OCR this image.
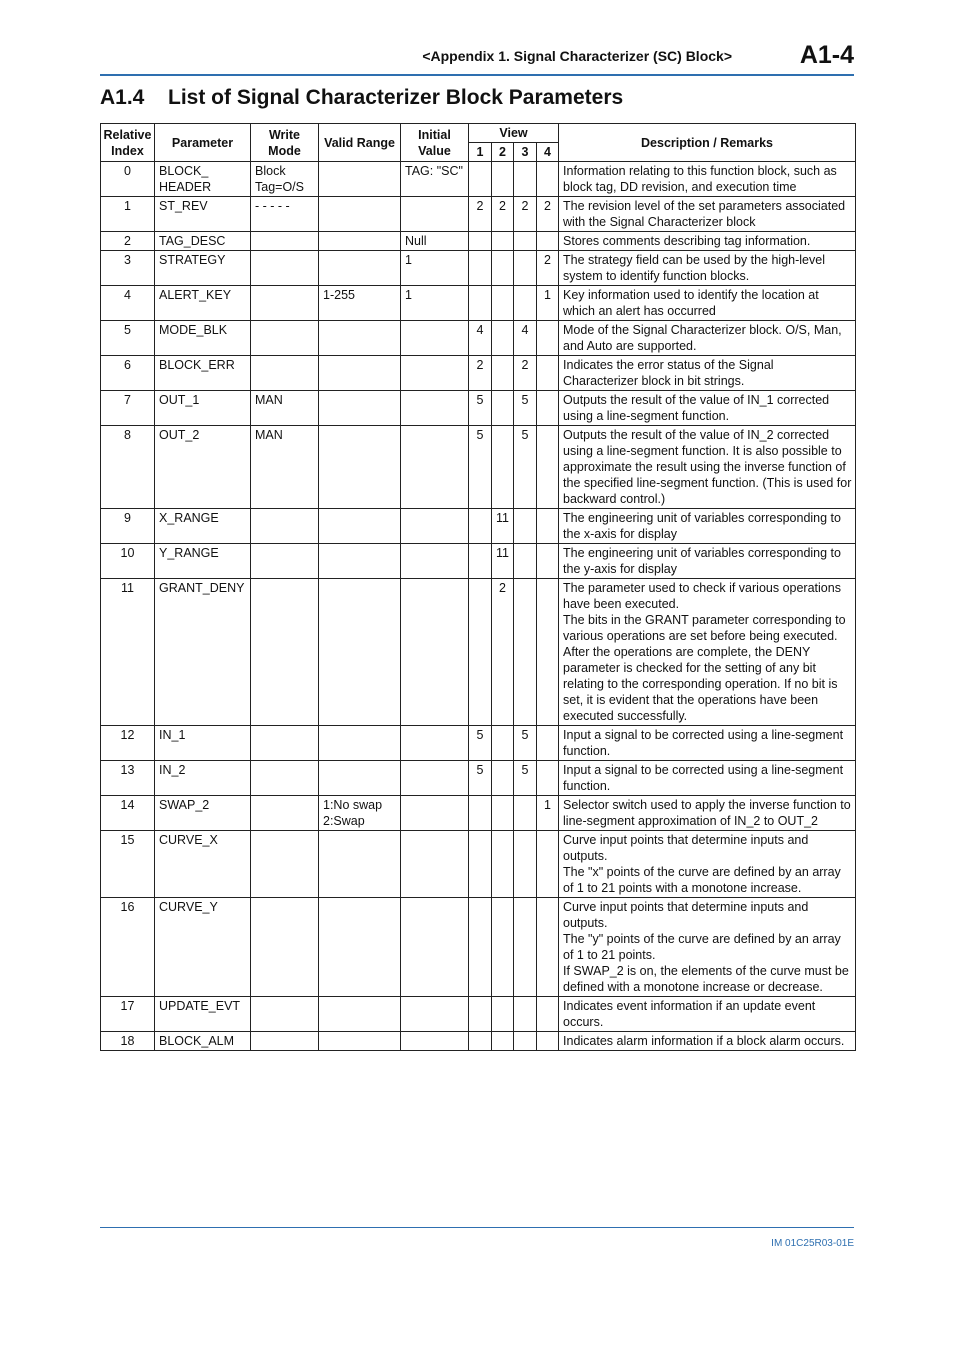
<Appendix 1. Signal Characterizer (SC) Block>	A1-4
A1.4 List of Signal Characterizer Block Parameters
Relative Index	Parameter	Write Mode	Valid Range	Initial Value	View				Description / Remarks
					1	2	3	4	
0	BLOCK_ HEADER	Block Tag=O/S		TAG: "SC"					Information relating to this function block, such as block tag, DD revision, and execution time
1	ST_REV	- - - - -			2	2	2	2	The revision level of the set parameters associated with the Signal Characterizer block
2	TAG_DESC			Null					Stores comments describing tag information.
3	STRATEGY			1				2	The strategy field can be used by the high-level system to identify function blocks.
4	ALERT_KEY		1-255	1				1	Key information used to identify the location at which an alert has occurred
5	MODE_BLK				4		4		Mode of the Signal Characterizer block. O/S, Man, and Auto are supported.
6	BLOCK_ERR				2		2		Indicates the error status of the Signal Characterizer block in bit strings.
7	OUT_1	MAN			5		5		Outputs the result of the value of IN_1 corrected using a line-segment function.
8	OUT_2	MAN			5		5		Outputs the result of the value of IN_2 corrected using a line-segment function. It is also possible to approximate the result using the inverse function of the specified line-segment function. (This is used for backward control.)
9	X_RANGE					11			The engineering unit of variables corresponding to the x-axis for display
10	Y_RANGE					11			The engineering unit of variables corresponding to the y-axis for display
11	GRANT_DENY					2			The parameter used to check if various operations have been executed.
The bits in the GRANT parameter corresponding to various operations are set before being executed. After the operations are complete, the DENY parameter is checked for the setting of any bit relating to the corresponding operation. If no bit is set, it is evident that the operations have been executed successfully.
12	IN_1				5		5		Input a signal to be corrected using a line-segment function.
13	IN_2				5		5		Input a signal to be corrected using a line-segment function.
14	SWAP_2		1:No swap
2:Swap					1	Selector switch used to apply the inverse function to line-segment approximation of IN_2 to OUT_2
15	CURVE_X								Curve input points that determine inputs and outputs.
The "x" points of the curve are defined by an array of 1 to 21 points with a monotone increase.
16	CURVE_Y								Curve input points that determine inputs and outputs.
The "y" points of the curve are defined by an array of 1 to 21 points.
If SWAP_2 is on, the elements of the curve must be defined with a monotone increase or decrease.
17	UPDATE_EVT								Indicates event information if an update event occurs.
18	BLOCK_ALM								Indicates alarm information if a block alarm occurs.
IM 01C25R03-01E
